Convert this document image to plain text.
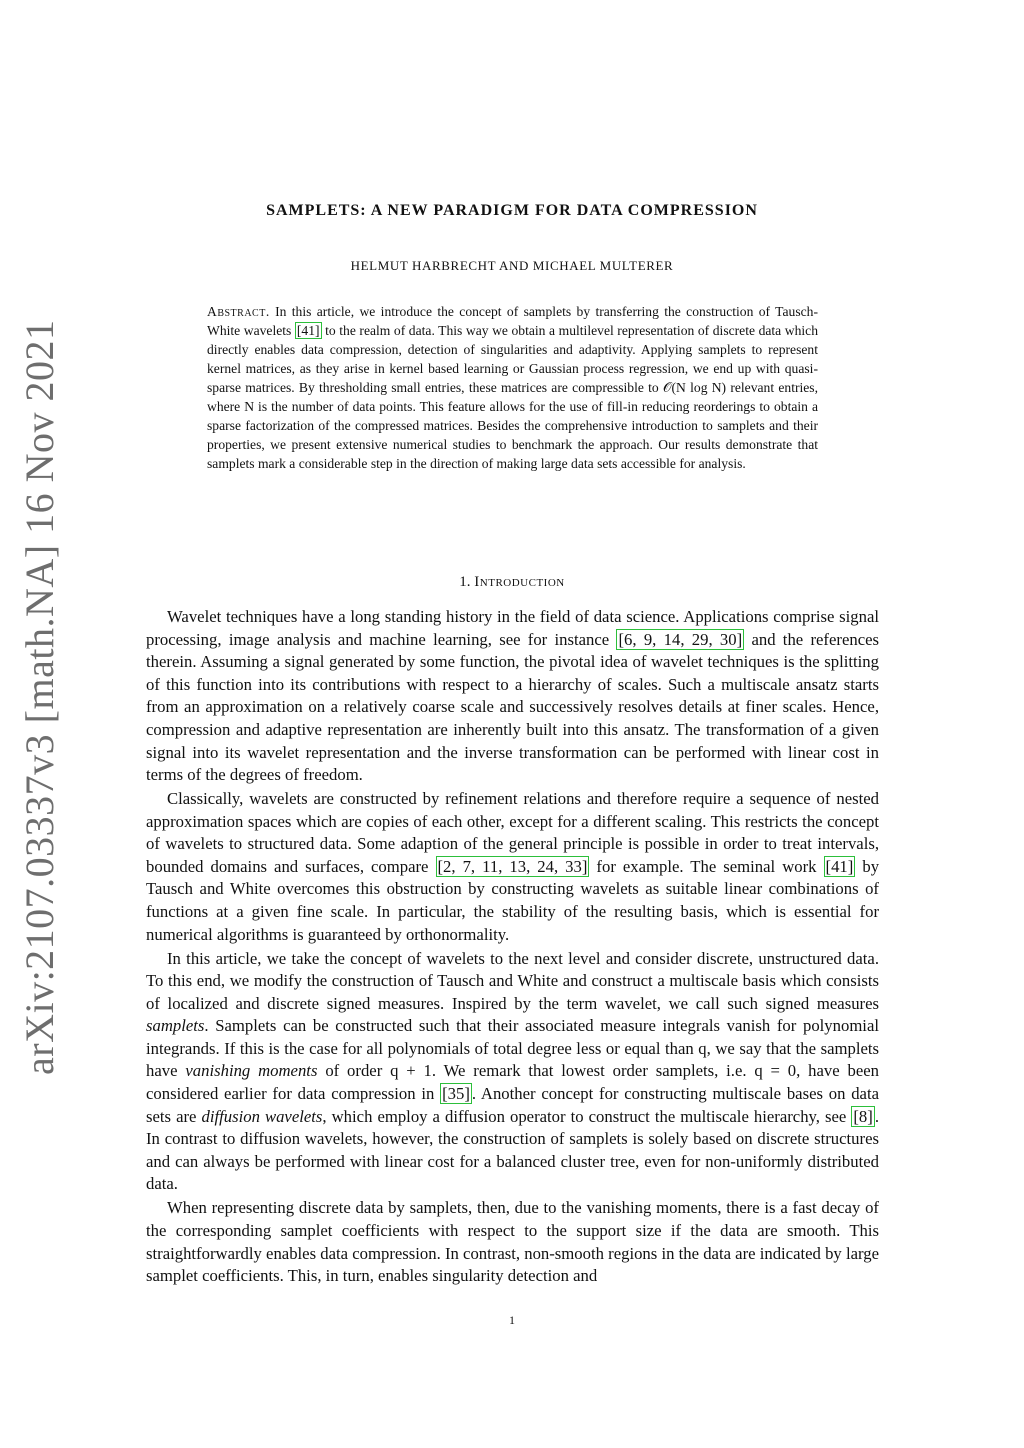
arXiv:2107.03337v3 [math.NA] 16 Nov 2021
SAMPLETS: A NEW PARADIGM FOR DATA COMPRESSION
HELMUT HARBRECHT AND MICHAEL MULTERER
Abstract. In this article, we introduce the concept of samplets by transferring the construction of Tausch-White wavelets [41] to the realm of data. This way we obtain a multilevel representation of discrete data which directly enables data compression, detection of singularities and adaptivity. Applying samplets to represent kernel matrices, as they arise in kernel based learning or Gaussian process regression, we end up with quasi-sparse matrices. By thresholding small entries, these matrices are compressible to 𝒪(N log N) relevant entries, where N is the number of data points. This feature allows for the use of fill-in reducing reorderings to obtain a sparse factorization of the compressed matrices. Besides the comprehensive introduction to samplets and their properties, we present extensive numerical studies to benchmark the approach. Our results demonstrate that samplets mark a considerable step in the direction of making large data sets accessible for analysis.
1. Introduction

Wavelet techniques have a long standing history in the field of data science. Applications comprise signal processing, image analysis and machine learning, see for instance [6, 9, 14, 29, 30] and the references therein. Assuming a signal generated by some function, the pivotal idea of wavelet techniques is the splitting of this function into its contributions with respect to a hierarchy of scales. Such a multiscale ansatz starts from an approximation on a relatively coarse scale and successively resolves details at finer scales. Hence, compression and adaptive representation are inherently built into this ansatz. The transformation of a given signal into its wavelet representation and the inverse transformation can be performed with linear cost in terms of the degrees of freedom.

Classically, wavelets are constructed by refinement relations and therefore require a sequence of nested approximation spaces which are copies of each other, except for a different scaling. This restricts the concept of wavelets to structured data. Some adaption of the general principle is possible in order to treat intervals, bounded domains and surfaces, compare [2, 7, 11, 13, 24, 33] for example. The seminal work [41] by Tausch and White overcomes this obstruction by constructing wavelets as suitable linear combinations of functions at a given fine scale. In particular, the stability of the resulting basis, which is essential for numerical algorithms is guaranteed by orthonormality.

In this article, we take the concept of wavelets to the next level and consider discrete, unstructured data. To this end, we modify the construction of Tausch and White and construct a multiscale basis which consists of localized and discrete signed measures. Inspired by the term wavelet, we call such signed measures samplets. Samplets can be constructed such that their associated measure integrals vanish for polynomial integrands. If this is the case for all polynomials of total degree less or equal than q, we say that the samplets have vanishing moments of order q + 1. We remark that lowest order samplets, i.e. q = 0, have been considered earlier for data compression in [35] . Another concept for constructing multiscale bases on data sets are diffusion wavelets, which employ a diffusion operator to construct the multiscale hierarchy, see [8] . In contrast to diffusion wavelets, however, the construction of samplets is solely based on discrete structures and can always be performed with linear cost for a balanced cluster tree, even for non-uniformly distributed data.

When representing discrete data by samplets, then, due to the vanishing moments, there is a fast decay of the corresponding samplet coefficients with respect to the support size if the data are smooth. This straightforwardly enables data compression. In contrast, non-smooth regions in the data are indicated by large samplet coefficients. This, in turn, enables singularity detection and

1
